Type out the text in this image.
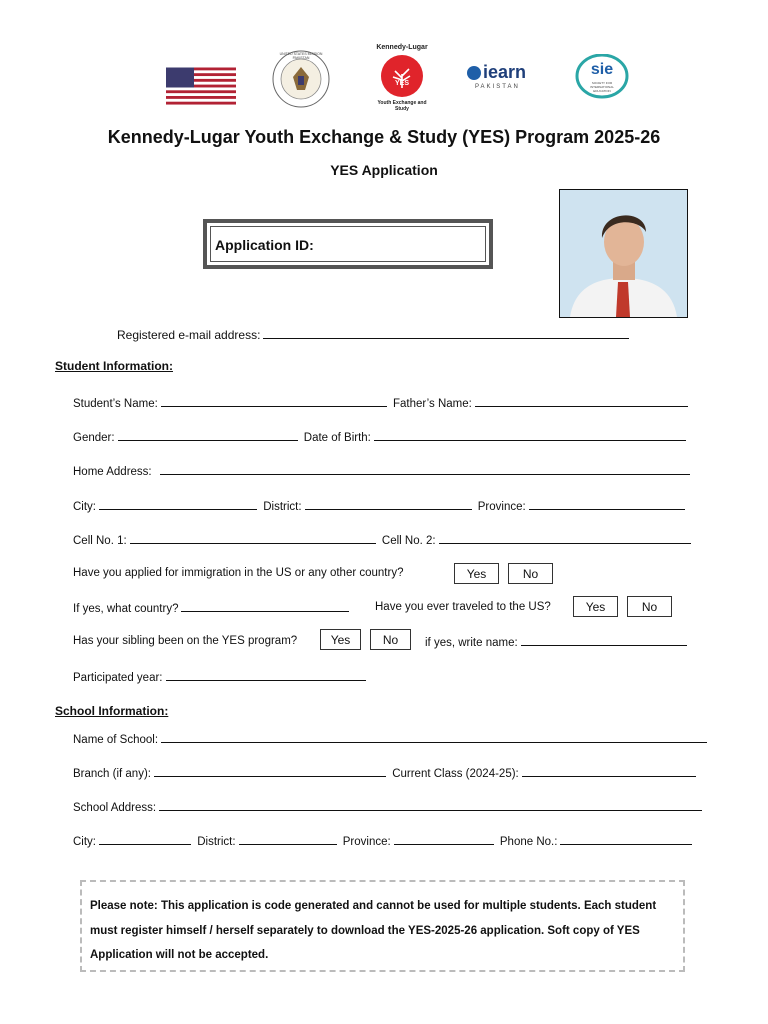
UNITED STATES MISSION PAKISTAN
Kennedy-Lugar
YES
Youth Exchange and Study
iearn
PAKISTAN
sie
SOCIETY FOR INTERNATIONAL EDUCATION
Kennedy-Lugar Youth Exchange & Study (YES) Program 2025-26
YES Application
Application ID:
Registered e-mail address:
Student Information:
Student’s Name:	Father’s Name:
Gender:	Date of Birth:
Home Address:
City:	District:	Province:
Cell No. 1:	Cell No. 2:
Have you applied for immigration in the US or any other country?	Yes	No
If yes, what country?	Have you ever traveled to the US?	Yes	No
Has your sibling been on the YES program?	Yes	No	if yes, write name:
Participated year:
School Information:
Name of School:
Branch (if any):	Current Class (2024-25):
School Address:
City:	District:	Province:	Phone No.:
Please note: This application is code generated and cannot be used for multiple students. Each student must register himself / herself separately to download the YES-2025-26 application. Soft copy of YES Application will not be accepted.
